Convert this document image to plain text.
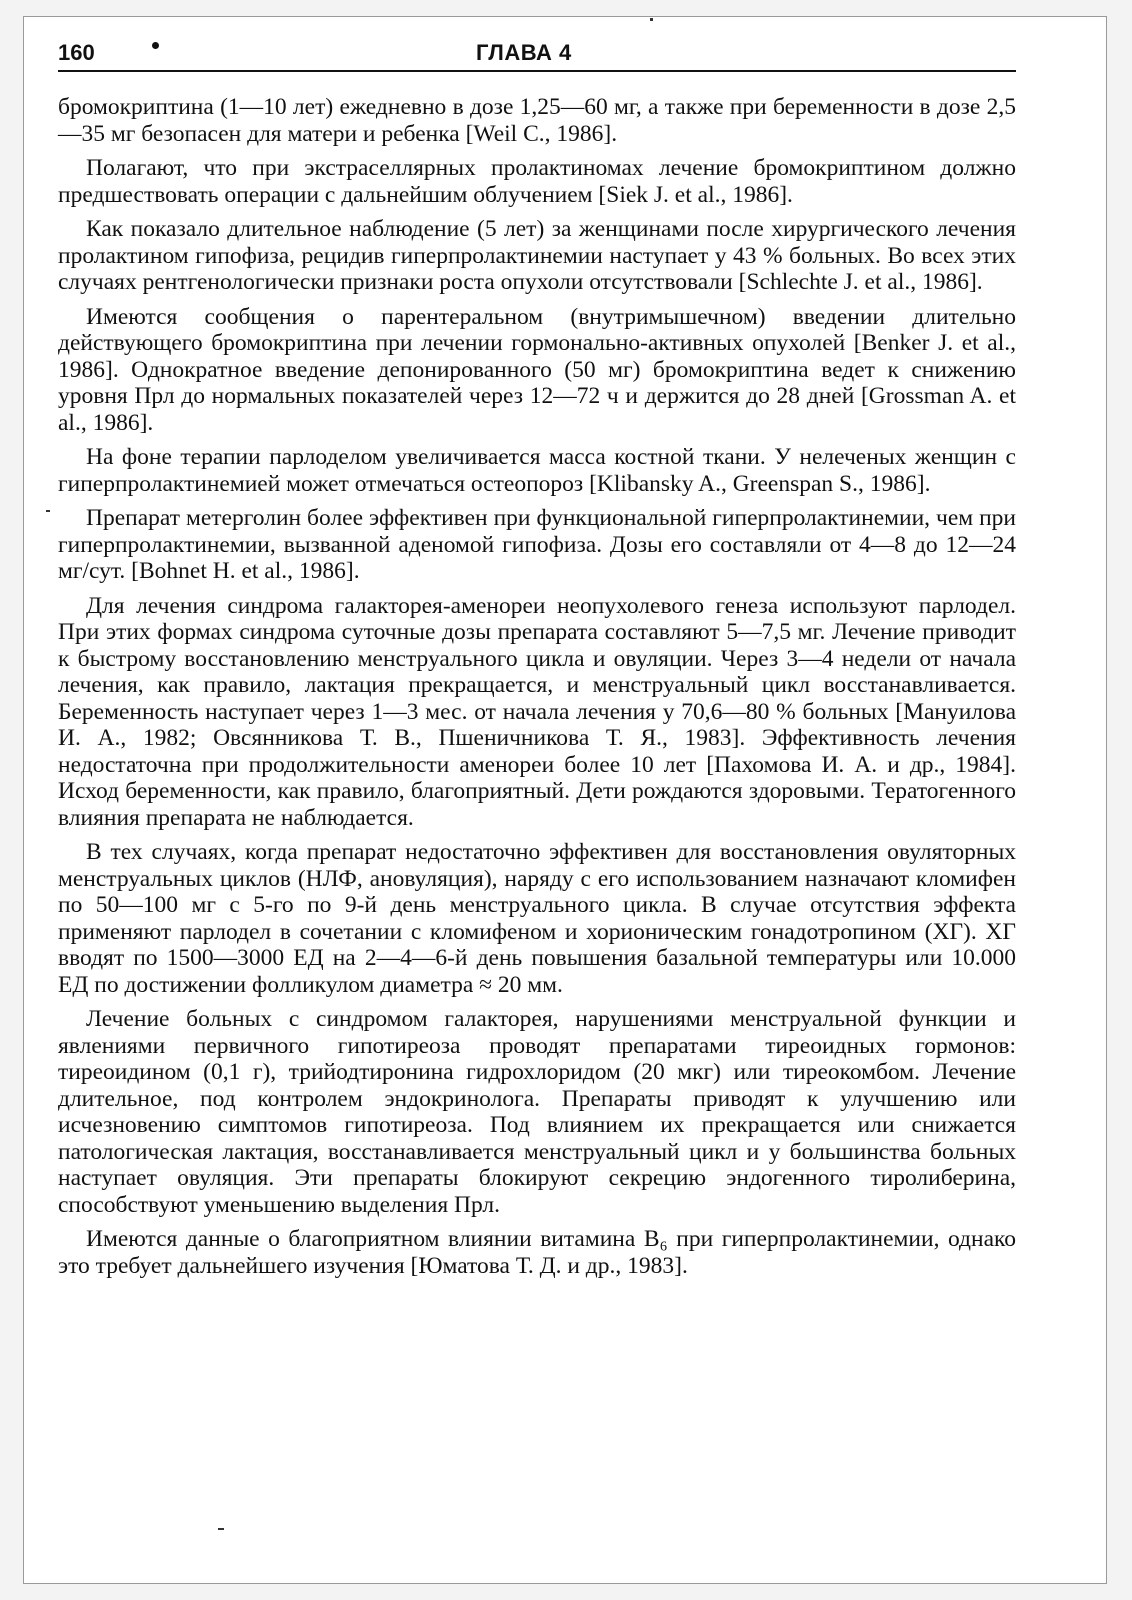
160	ГЛАВА 4

бромокриптина (1—10 лет) ежедневно в дозе 1,25—60 мг, а также при беременности в дозе 2,5—35 мг безопасен для матери и ребенка [Weil C., 1986].

Полагают, что при экстраселлярных пролактиномах лечение бромокриптином должно предшествовать операции с дальнейшим облучением [Siek J. et al., 1986].

Как показало длительное наблюдение (5 лет) за женщинами после хирургического лечения пролактином гипофиза, рецидив гиперпролактинемии наступает у 43 % больных. Во всех этих случаях рентгенологически признаки роста опухоли отсутствовали [Schlechte J. et al., 1986].

Имеются сообщения о парентеральном (внутримышечном) введении длительно действующего бромокриптина при лечении гормонально-активных опухолей [Benker J. et al., 1986]. Однократное введение депонированного (50 мг) бромокриптина ведет к снижению уровня Прл до нормальных показателей через 12—72 ч и держится до 28 дней [Grossman A. et al., 1986].

На фоне терапии парлоделом увеличивается масса костной ткани. У нелеченых женщин с гиперпролактинемией может отмечаться остеопороз [Klibansky A., Greenspan S., 1986].

Препарат метерголин более эффективен при функциональной гиперпролактинемии, чем при гиперпролактинемии, вызванной аденомой гипофиза. Дозы его составляли от 4—8 до 12—24 мг/сут. [Bohnet H. et al., 1986].

Для лечения синдрома галакторея-аменореи неопухолевого генеза используют парлодел. При этих формах синдрома суточные дозы препарата составляют 5—7,5 мг. Лечение приводит к быстрому восстановлению менструального цикла и овуляции. Через 3—4 недели от начала лечения, как правило, лактация прекращается, и менструальный цикл восстанавливается. Беременность наступает через 1—3 мес. от начала лечения у 70,6—80 % больных [Мануилова И. А., 1982; Овсянникова Т. В., Пшеничникова Т. Я., 1983]. Эффективность лечения недостаточна при продолжительности аменореи более 10 лет [Пахомова И. А. и др., 1984]. Исход беременности, как правило, благоприятный. Дети рождаются здоровыми. Тератогенного влияния препарата не наблюдается.

В тех случаях, когда препарат недостаточно эффективен для восстановления овуляторных менструальных циклов (НЛФ, ановуляция), наряду с его использованием назначают кломифен по 50—100 мг с 5-го по 9-й день менструального цикла. В случае отсутствия эффекта применяют парлодел в сочетании с кломифеном и хорионическим гонадотропином (ХГ). ХГ вводят по 1500—3000 ЕД на 2—4—6-й день повышения базальной температуры или 10.000 ЕД по достижении фолликулом диаметра ≈ 20 мм.

Лечение больных с синдромом галакторея, нарушениями менструальной функции и явлениями первичного гипотиреоза проводят препаратами тиреоидных гормонов: тиреоидином (0,1 г), трийодтиронина гидрохлоридом (20 мкг) или тиреокомбом. Лечение длительное, под контролем эндокринолога. Препараты приводят к улучшению или исчезновению симптомов гипотиреоза. Под влиянием их прекращается или снижается патологическая лактация, восстанавливается менструальный цикл и у большинства больных наступает овуляция. Эти препараты блокируют секрецию эндогенного тиролиберина, способствуют уменьшению выделения Прл.

Имеются данные о благоприятном влиянии витамина B₆ при гиперпролактинемии, однако это требует дальнейшего изучения [Юматова Т. Д. и др., 1983].
